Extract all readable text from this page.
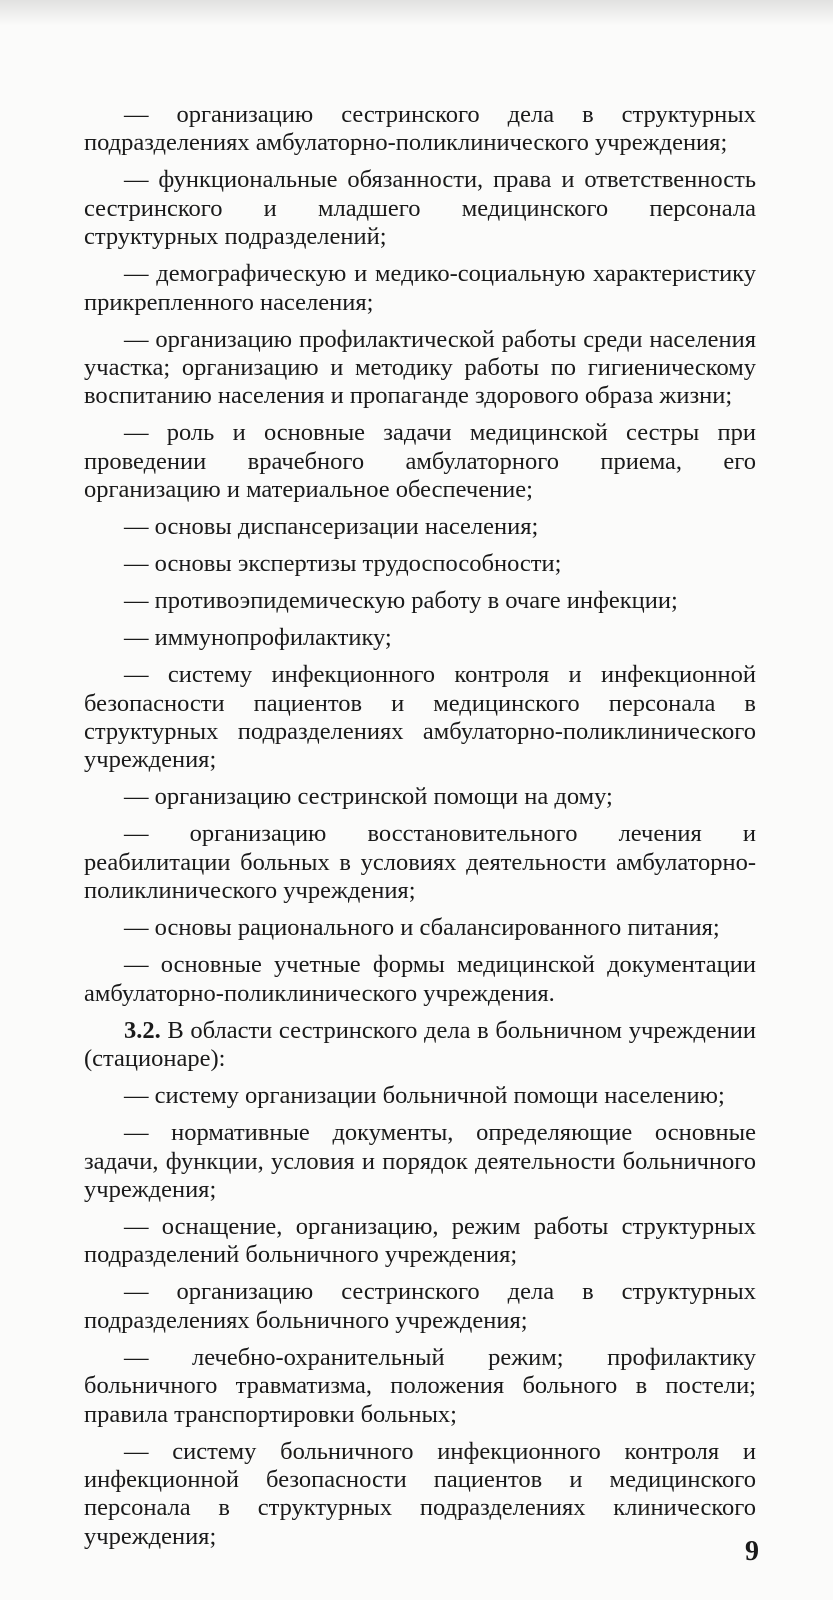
— организацию сестринского дела в структурных подразделениях амбулаторно-поликлинического учреждения;

— функциональные обязанности, права и ответственность сестринского и младшего медицинского персонала структурных подразделений;

— демографическую и медико-социальную характеристику прикрепленного населения;

— организацию профилактической работы среди населения участка; организацию и методику работы по гигиеническому воспитанию населения и пропаганде здорового образа жизни;

— роль и основные задачи медицинской сестры при проведении врачебного амбулаторного приема, его организацию и материальное обеспечение;

— основы диспансеризации населения;

— основы экспертизы трудоспособности;

— противоэпидемическую работу в очаге инфекции;

— иммунопрофилактику;

— систему инфекционного контроля и инфекционной безопасности пациентов и медицинского персонала в структурных подразделениях амбулаторно-поликлинического учреждения;

— организацию сестринской помощи на дому;

— организацию восстановительного лечения и реабилитации больных в условиях деятельности амбулаторно-поликлинического учреждения;

— основы рационального и сбалансированного питания;

— основные учетные формы медицинской документации амбулаторно-поликлинического учреждения.

3.2. В области сестринского дела в больничном учреждении (стационаре):

— систему организации больничной помощи населению;

— нормативные документы, определяющие основные задачи, функции, условия и порядок деятельности больничного учреждения;

— оснащение, организацию, режим работы структурных подразделений больничного учреждения;

— организацию сестринского дела в структурных подразделениях больничного учреждения;

— лечебно-охранительный режим; профилактику больничного травматизма, положения больного в постели; правила транспортировки больных;

— систему больничного инфекционного контроля и инфекционной безопасности пациентов и медицинского персонала в структурных подразделениях клинического учреждения;	9
